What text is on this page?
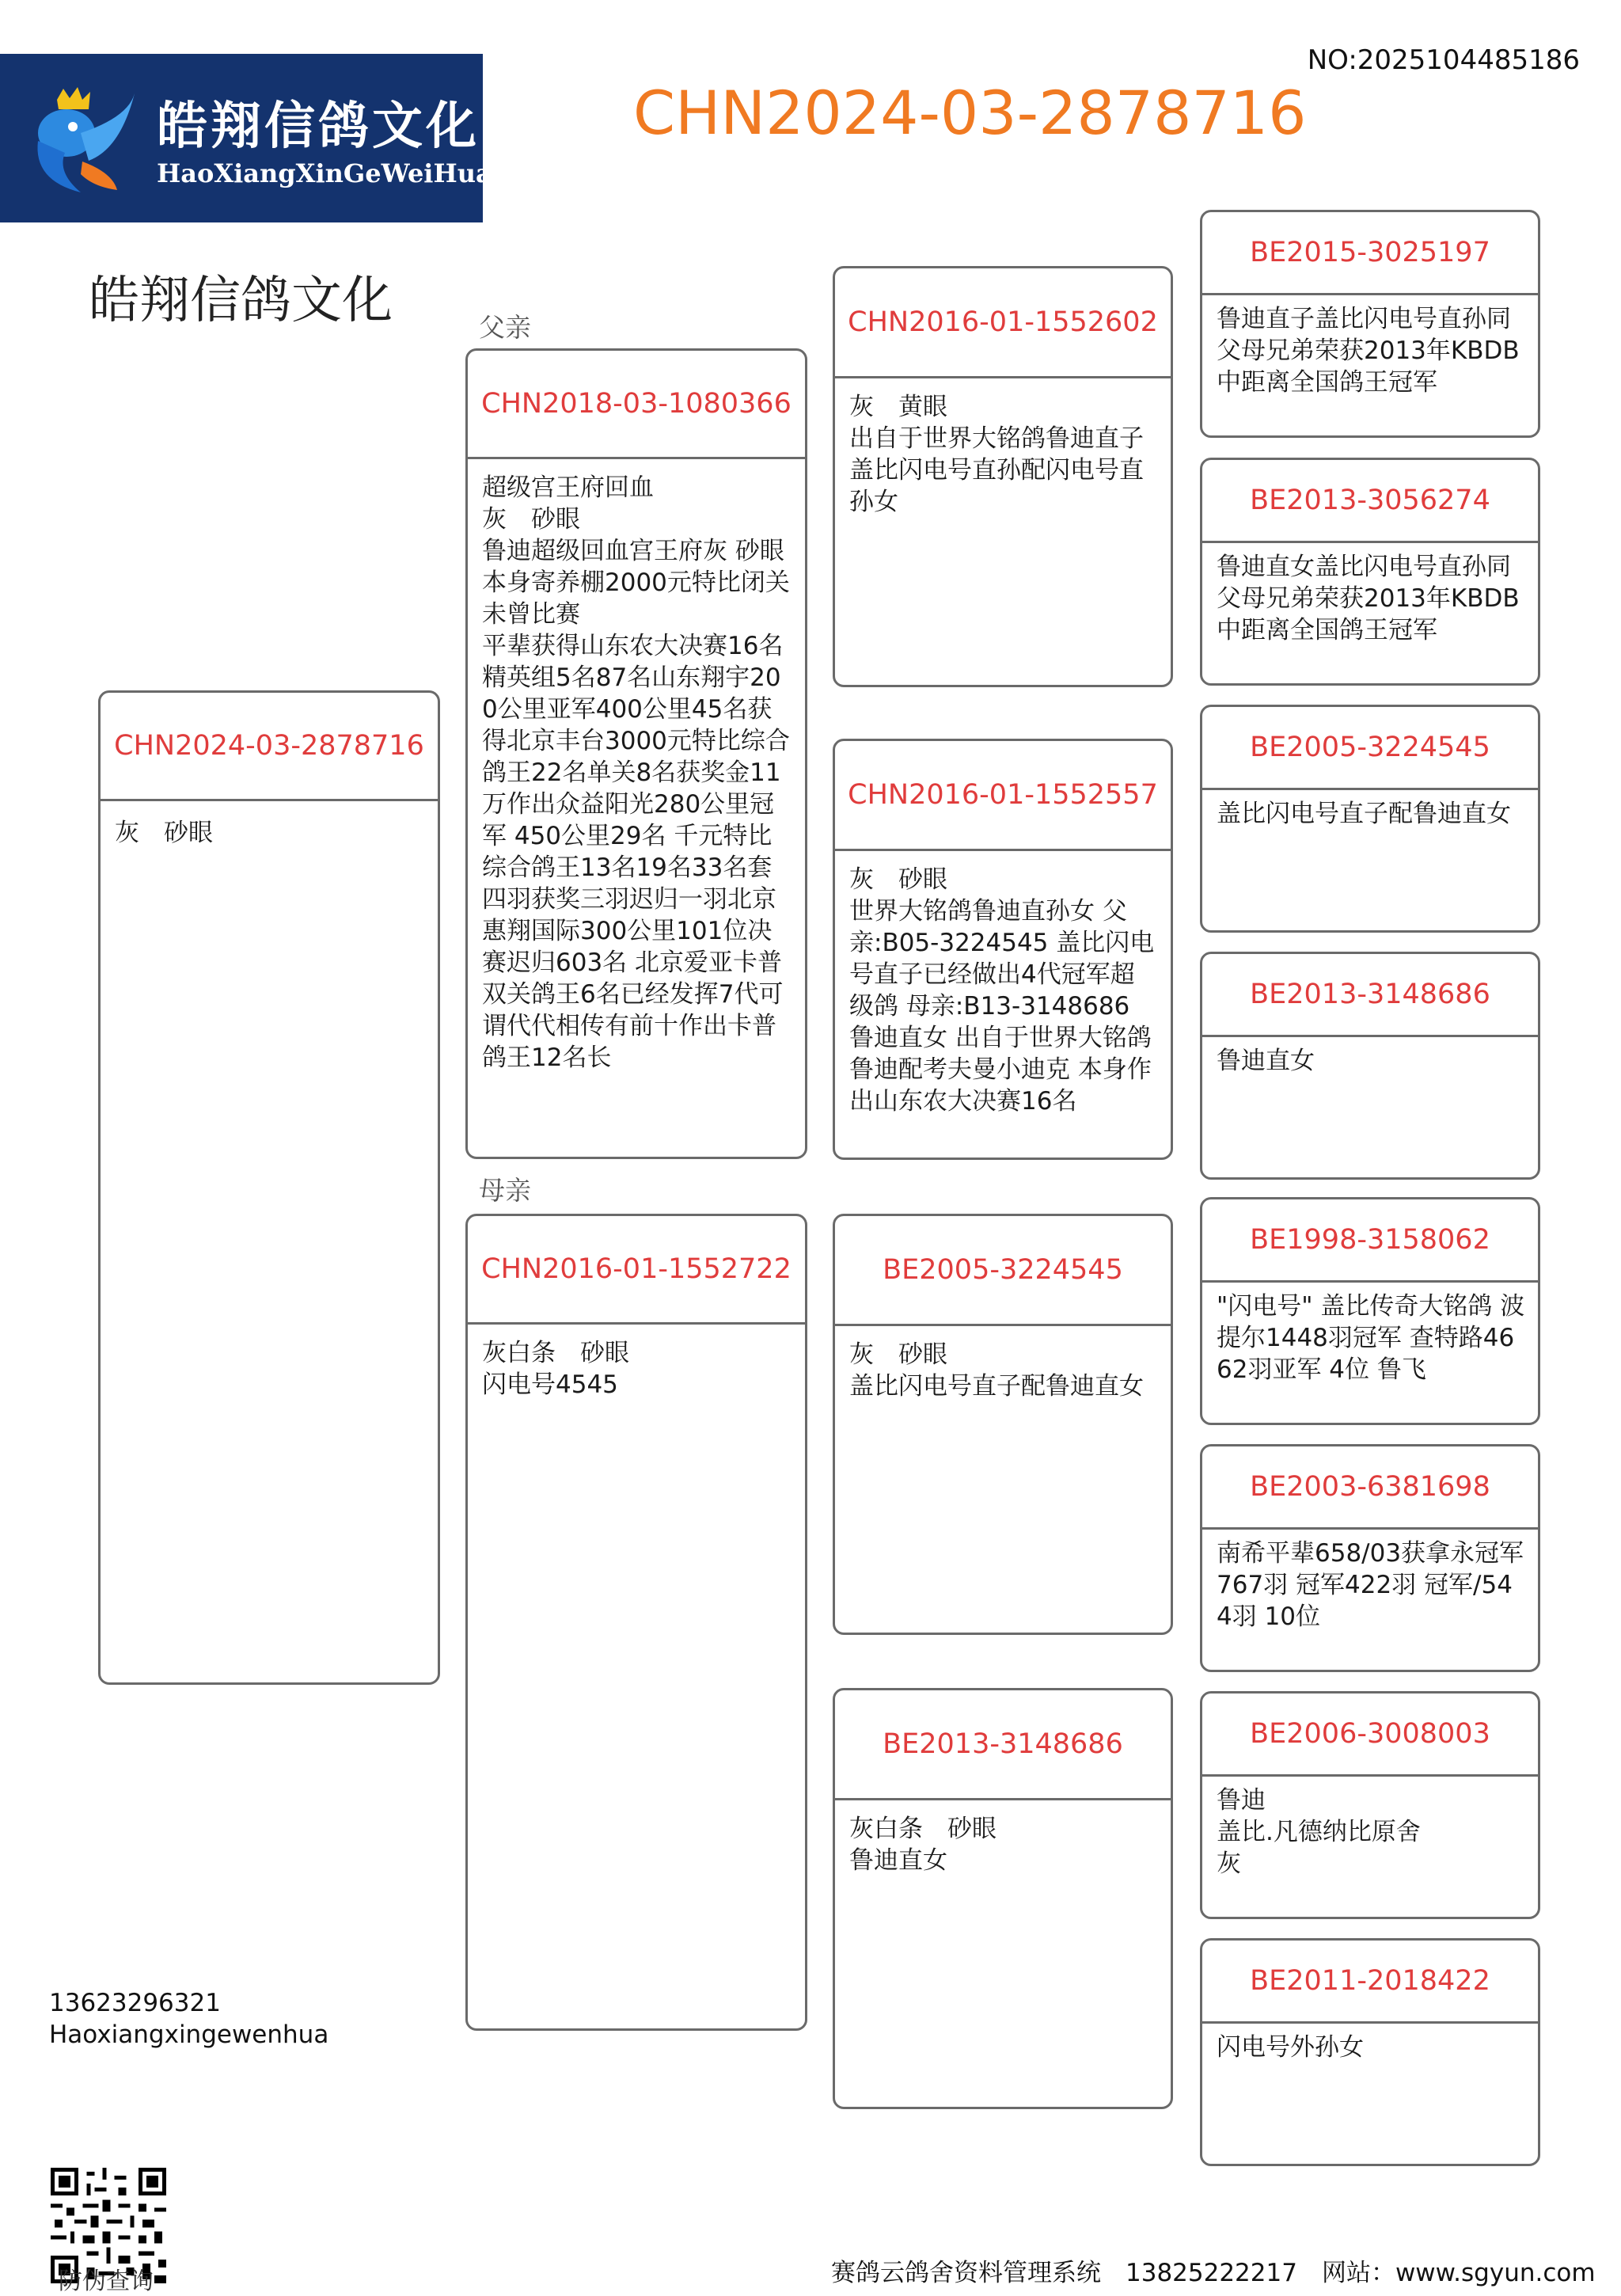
皓翔信鸽文化
HaoXiangXinGeWeiHua
NO:2025104485186
CHN2024-03-2878716
皓翔信鸽文化	父亲
母亲
CHN2024-03-2878716
灰　砂眼
CHN2018-03-1080366
超级宫王府回血
灰　砂眼
鲁迪超级回血宫王府灰 砂眼
本身寄养棚2000元特比闭关未曾比赛
平辈获得山东农大决赛16名精英组5名87名山东翔宇200公里亚军400公里45名获得北京丰台3000元特比综合鸽王22名单关8名获奖金11万作出众益阳光280公里冠军 450公里29名 千元特比综合鸽王13名19名33名套四羽获奖三羽迟归一羽北京惠翔国际300公里101位决赛迟归603名 北京爱亚卡普 双关鸽王6名已经发挥7代可谓代代相传有前十作出卡普鸽王12名长
CHN2016-01-1552722
灰白条　砂眼
闪电号4545
CHN2016-01-1552602
灰　黄眼
出自于世界大铭鸽鲁迪直子盖比闪电号直孙配闪电号直孙女
CHN2016-01-1552557
灰　砂眼
世界大铭鸽鲁迪直孙女 父亲:B05-3224545 盖比闪电号直子已经做出4代冠军超级鸽 母亲:B13-3148686 鲁迪直女 出自于世界大铭鸽鲁迪配考夫曼小迪克 本身作出山东农大决赛16名
BE2005-3224545
灰　砂眼
盖比闪电号直子配鲁迪直女
BE2013-3148686
灰白条　砂眼
鲁迪直女
BE2015-3025197
鲁迪直子盖比闪电号直孙同父母兄弟荣获2013年KBDB中距离全国鸽王冠军
BE2013-3056274
鲁迪直女盖比闪电号直孙同父母兄弟荣获2013年KBDB中距离全国鸽王冠军
BE2005-3224545
盖比闪电号直子配鲁迪直女
BE2013-3148686
鲁迪直女
BE1998-3158062
"闪电号" 盖比传奇大铭鸽 波提尔1448羽冠军 查特路4662羽亚军 4位 鲁飞
BE2003-6381698
南希平辈658/03获拿永冠军767羽 冠军422羽 冠军/544羽 10位
BE2006-3008003
鲁迪
盖比.凡德纳比原舍
灰
BE2011-2018422
闪电号外孙女
13623296321
Haoxiangxingewenhua
防伪查询	赛鸽云鸽舍资料管理系统　13825222217　网站：www.sgyun.com
